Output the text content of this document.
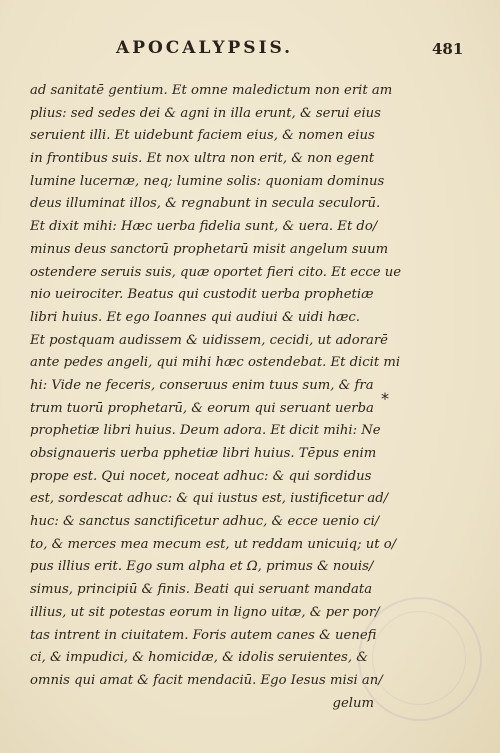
APOCALYPSIS.	481
ad sanitatē gentium. Et omne maledictum non erit am
plius: sed sedes dei & agni in illa erunt, & serui eius
seruient illi. Et uidebunt faciem eius, & nomen eius
in frontibus suis. Et nox ultra non erit, & non egent
lumine lucernæ, neq; lumine solis: quoniam dominus
deus illuminat illos, & regnabunt in secula seculorū.
Et dixit mihi: Hæc uerba fidelia sunt, & uera. Et do/
minus deus sanctorū prophetarū misit angelum suum
ostendere seruis suis, quæ oportet fieri cito. Et ecce ue
nio ueirociter. Beatus qui custodit uerba prophetiæ
libri huius. Et ego Ioannes qui audiui & uidi hæc.
Et postquam audissem & uidissem, cecidi, ut adorarē
ante pedes angeli, qui mihi hæc ostendebat. Et dicit mi
hi: Vide ne feceris, conseruus enim tuus sum, & fra
trum tuorū prophetarū, & eorum qui seruant uerba
prophetiæ libri huius. Deum adora. Et dicit mihi: Ne
obsignaueris uerba pphetiæ libri huius. Tēpus enim
prope est. Qui nocet, noceat adhuc: & qui sordidus
est, sordescat adhuc: & qui iustus est, iustificetur ad/
huc: & sanctus sanctificetur adhuc, & ecce uenio ci/
to, & merces mea mecum est, ut reddam unicuiq; ut o/
pus illius erit. Ego sum alpha et Ω, primus & nouis/
simus, principiū & finis. Beati qui seruant mandata
illius, ut sit potestas eorum in ligno uitæ, & per por/
tas intrent in ciuitatem. Foris autem canes & uenefi
ci, & impudici, & homicidæ, & idolis seruientes, &
omnis qui amat & facit mendaciū. Ego Iesus misi an/
gelum
*
